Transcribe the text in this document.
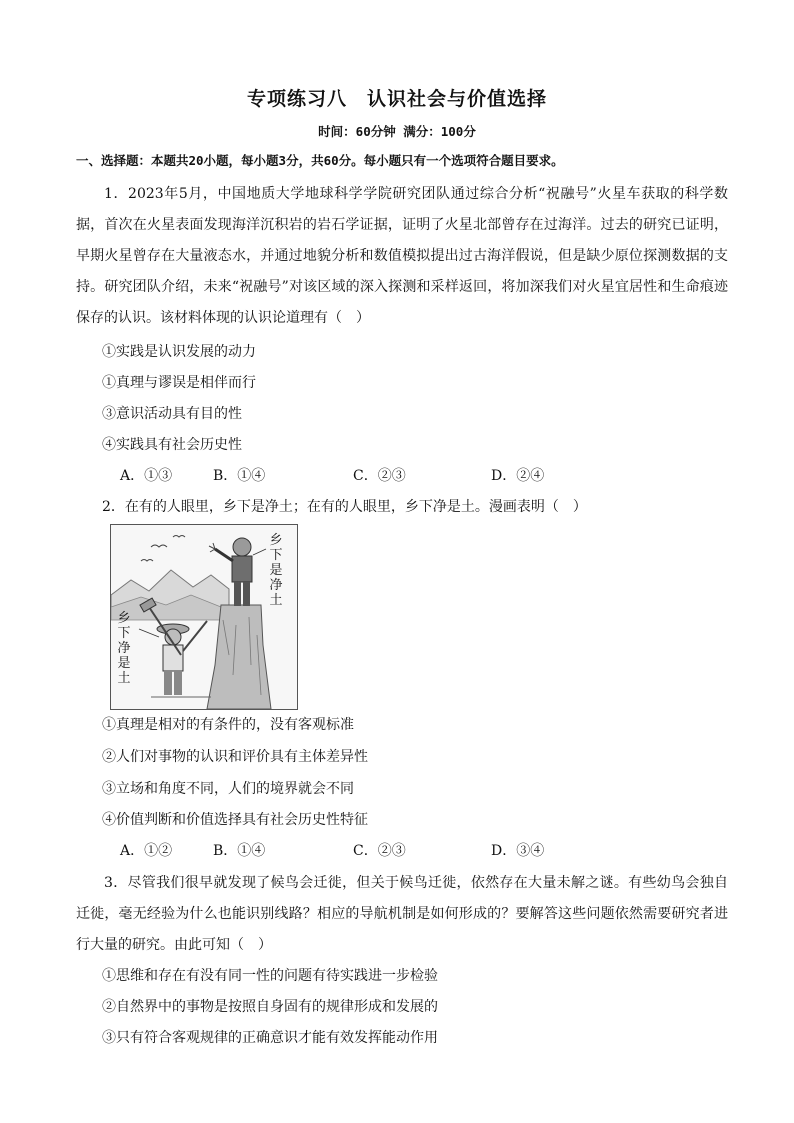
专项练习八　认识社会与价值选择
时间：60分钟 满分：100分
一、选择题：本题共20小题，每小题3分，共60分。每小题只有一个选项符合题目要求。
1．2023年5月，中国地质大学地球科学学院研究团队通过综合分析“祝融号”火星车获取的科学数据，首次在火星表面发现海洋沉积岩的岩石学证据，证明了火星北部曾存在过海洋。过去的研究已证明，早期火星曾存在大量液态水，并通过地貌分析和数值模拟提出过古海洋假说，但是缺少原位探测数据的支持。研究团队介绍，未来“祝融号”对该区域的深入探测和采样返回，将加深我们对火星宜居性和生命痕迹保存的认识。该材料体现的认识论道理有（　）
①实践是认识发展的动力
①真理与谬误是相伴而行
③意识活动具有目的性
④实践具有社会历史性
A．①③	B．①④	C．②③	D．②④
2．在有的人眼里，乡下是净土；在有的人眼里，乡下净是土。漫画表明（　）
乡下是净土
乡下净是土
①真理是相对的有条件的，没有客观标准
②人们对事物的认识和评价具有主体差异性
③立场和角度不同，人们的境界就会不同
④价值判断和价值选择具有社会历史性特征
A．①②	B．①④	C．②③	D．③④
3．尽管我们很早就发现了候鸟会迁徙，但关于候鸟迁徙，依然存在大量未解之谜。有些幼鸟会独自迁徙，毫无经验为什么也能识别线路？相应的导航机制是如何形成的？要解答这些问题依然需要研究者进行大量的研究。由此可知（　）
①思维和存在有没有同一性的问题有待实践进一步检验
②自然界中的事物是按照自身固有的规律形成和发展的
③只有符合客观规律的正确意识才能有效发挥能动作用
